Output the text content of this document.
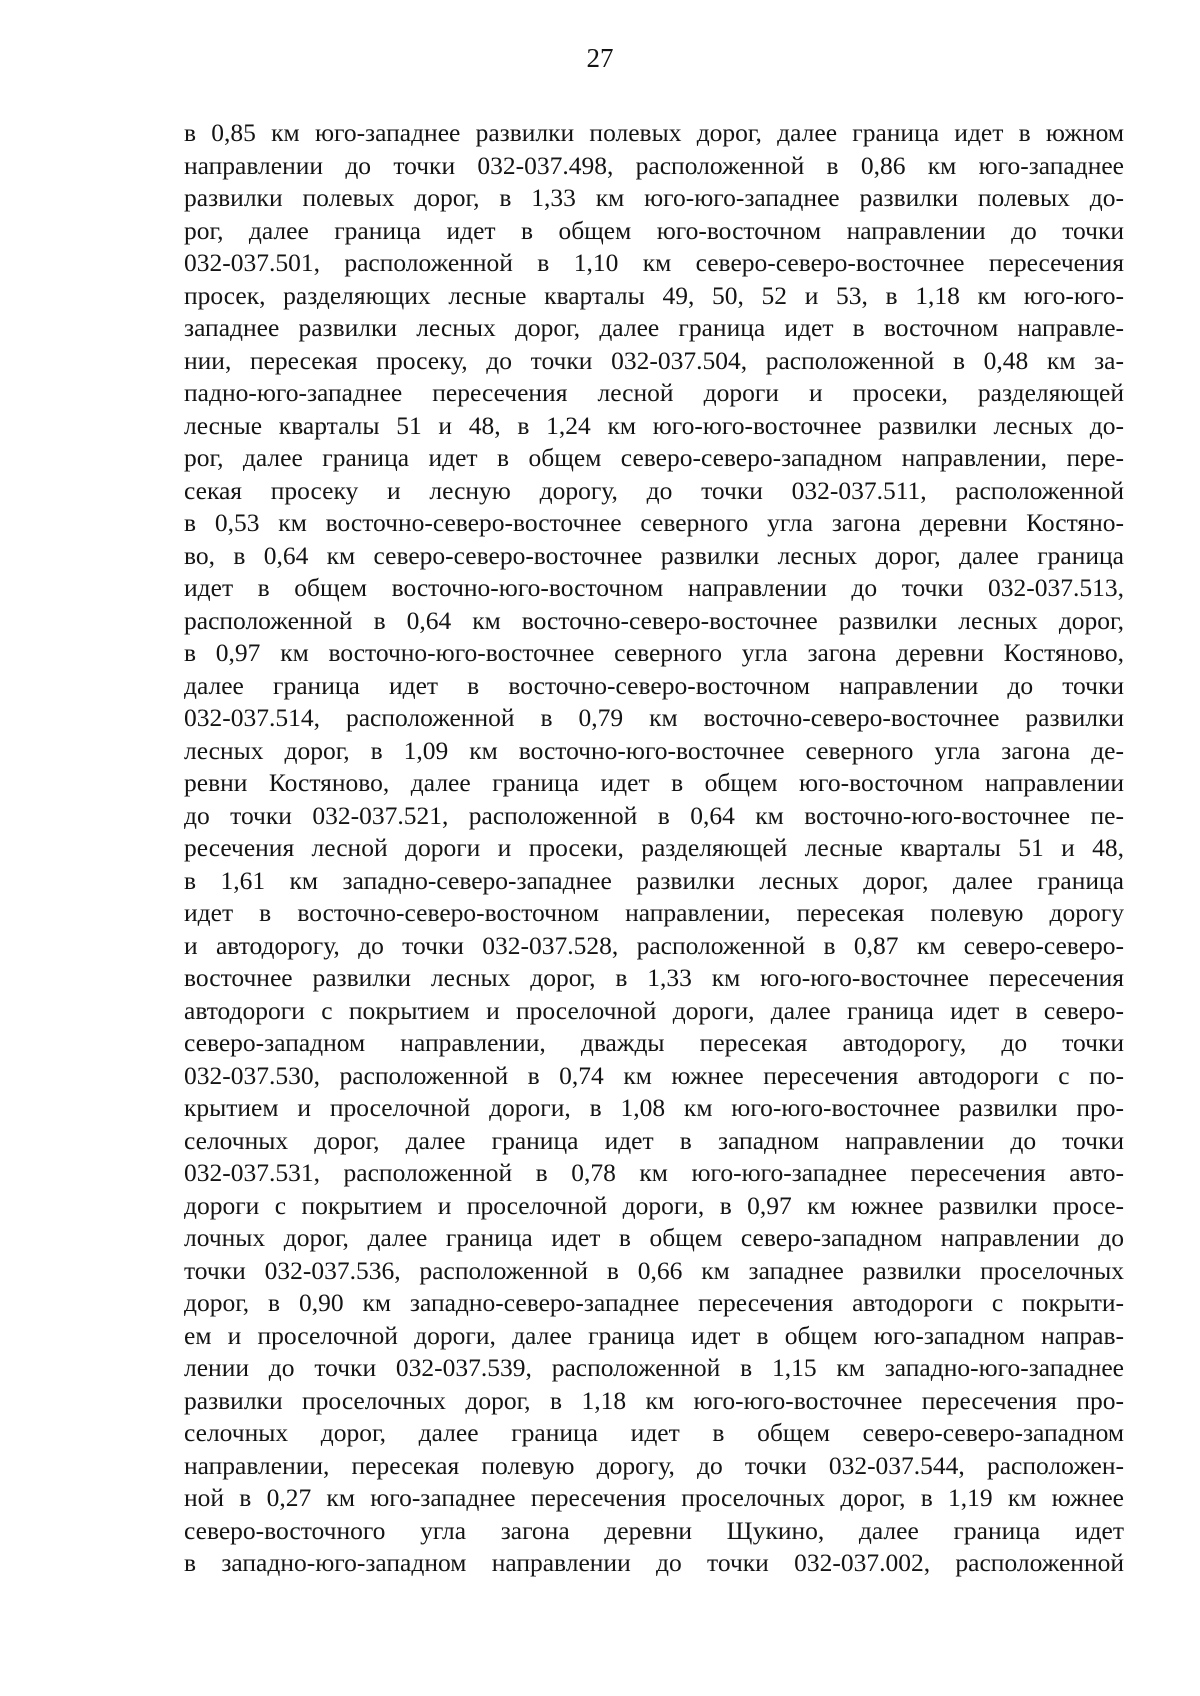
27
в 0,85 км юго-западнее развилки полевых дорог, далее граница идет в южном
направлении до точки 032-037.498, расположенной в 0,86 км юго-западнее
развилки полевых дорог, в 1,33 км юго-юго-западнее развилки полевых до-
рог, далее граница идет в общем юго-восточном направлении до точки
032-037.501, расположенной в 1,10 км северо-северо-восточнее пересечения
просек, разделяющих лесные кварталы 49, 50, 52 и 53, в 1,18 км юго-юго-
западнее развилки лесных дорог, далее граница идет в восточном направле-
нии, пересекая просеку, до точки 032-037.504, расположенной в 0,48 км за-
падно-юго-западнее пересечения лесной дороги и просеки, разделяющей
лесные кварталы 51 и 48, в 1,24 км юго-юго-восточнее развилки лесных до-
рог, далее граница идет в общем северо-северо-западном направлении, пере-
секая просеку и лесную дорогу, до точки 032-037.511, расположенной
в 0,53 км восточно-северо-восточнее северного угла загона деревни Костяно-
во, в 0,64 км северо-северо-восточнее развилки лесных дорог, далее граница
идет в общем восточно-юго-восточном направлении до точки 032-037.513,
расположенной в 0,64 км восточно-северо-восточнее развилки лесных дорог,
в 0,97 км восточно-юго-восточнее северного угла загона деревни Костяново,
далее граница идет в восточно-северо-восточном направлении до точки
032-037.514, расположенной в 0,79 км восточно-северо-восточнее развилки
лесных дорог, в 1,09 км восточно-юго-восточнее северного угла загона де-
ревни Костяново, далее граница идет в общем юго-восточном направлении
до точки 032-037.521, расположенной в 0,64 км восточно-юго-восточнее пе-
ресечения лесной дороги и просеки, разделяющей лесные кварталы 51 и 48,
в 1,61 км западно-северо-западнее развилки лесных дорог, далее граница
идет в восточно-северо-восточном направлении, пересекая полевую дорогу
и автодорогу, до точки 032-037.528, расположенной в 0,87 км северо-северо-
восточнее развилки лесных дорог, в 1,33 км юго-юго-восточнее пересечения
автодороги с покрытием и проселочной дороги, далее граница идет в северо-
северо-западном направлении, дважды пересекая автодорогу, до точки
032-037.530, расположенной в 0,74 км южнее пересечения автодороги с по-
крытием и проселочной дороги, в 1,08 км юго-юго-восточнее развилки про-
селочных дорог, далее граница идет в западном направлении до точки
032-037.531, расположенной в 0,78 км юго-юго-западнее пересечения авто-
дороги с покрытием и проселочной дороги, в 0,97 км южнее развилки просе-
лочных дорог, далее граница идет в общем северо-западном направлении до
точки 032-037.536, расположенной в 0,66 км западнее развилки проселочных
дорог, в 0,90 км западно-северо-западнее пересечения автодороги с покрыти-
ем и проселочной дороги, далее граница идет в общем юго-западном направ-
лении до точки 032-037.539, расположенной в 1,15 км западно-юго-западнее
развилки проселочных дорог, в 1,18 км юго-юго-восточнее пересечения про-
селочных дорог, далее граница идет в общем северо-северо-западном
направлении, пересекая полевую дорогу, до точки 032-037.544, расположен-
ной в 0,27 км юго-западнее пересечения проселочных дорог, в 1,19 км южнее
северо-восточного угла загона деревни Щукино, далее граница идет
в западно-юго-западном направлении до точки 032-037.002, расположенной
